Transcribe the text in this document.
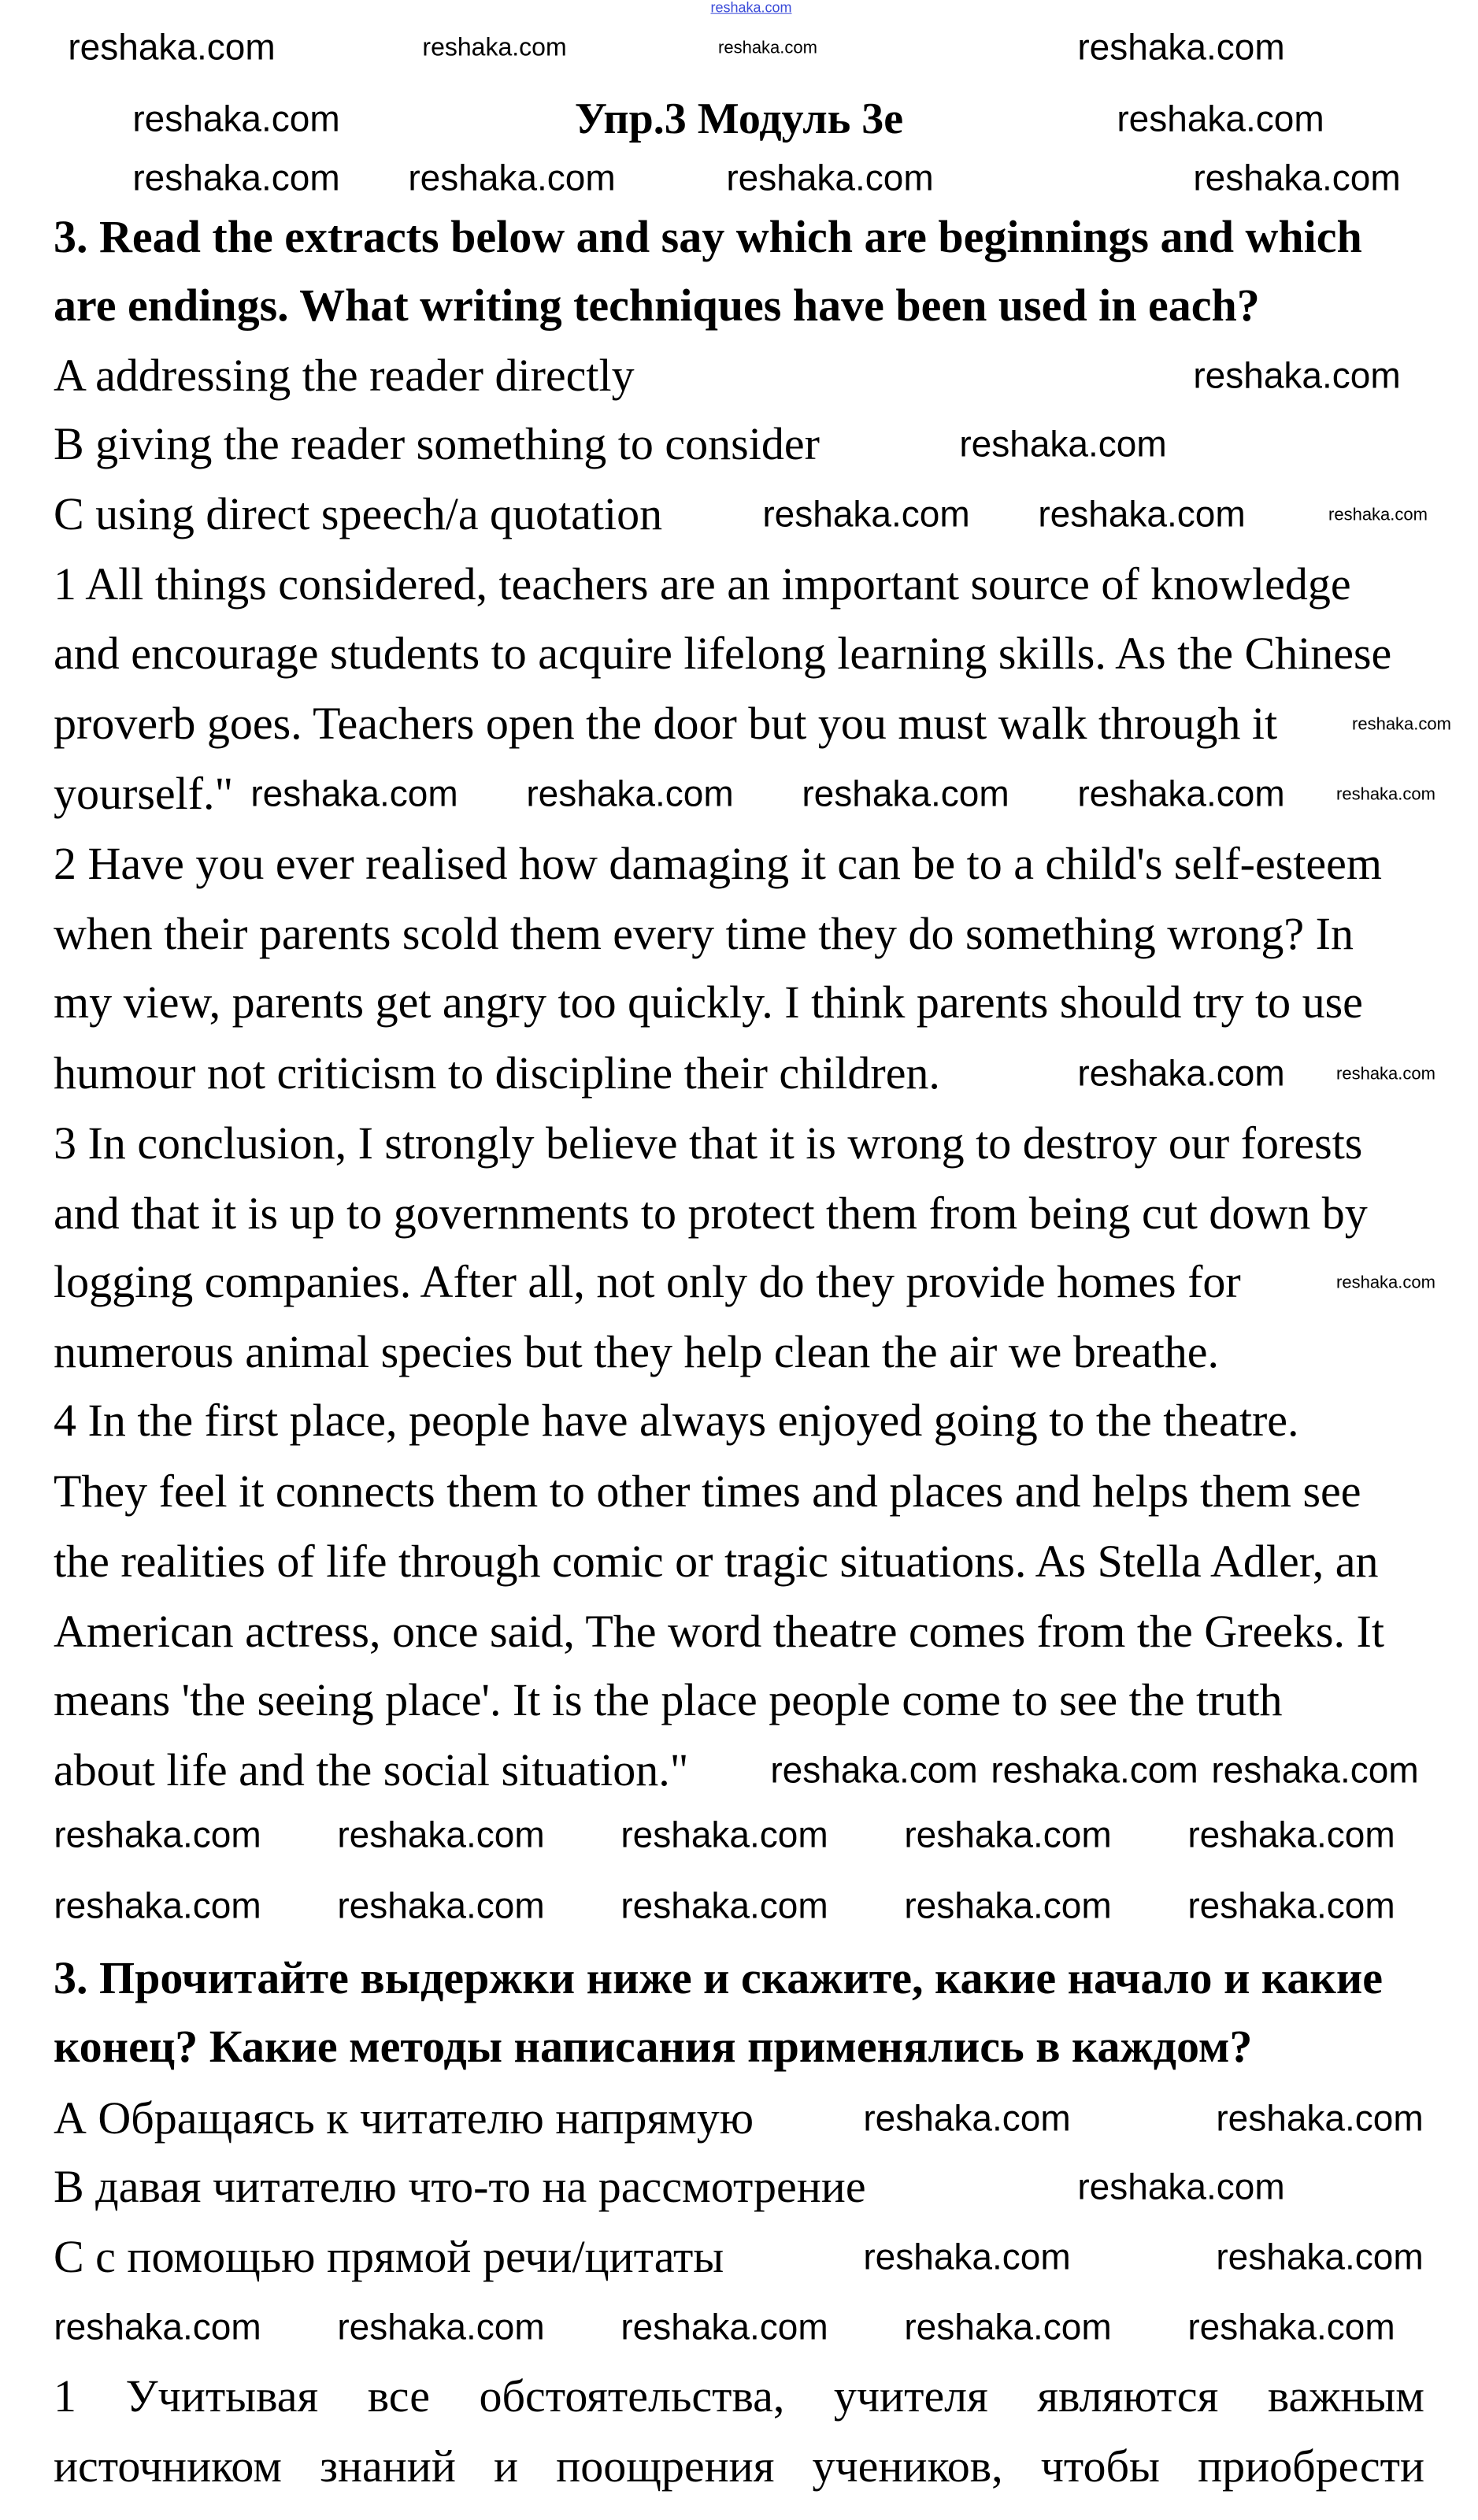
Упр.3 Модуль 3е
3. Read the extracts below and say which are beginnings and which
are endings. What writing techniques have been used in each?
A addressing the reader directly
B giving the reader something to consider
C using direct speech/a quotation
1 All things considered, teachers are an important source of knowledge
and encourage students to acquire lifelong learning skills. As the Chinese
proverb goes. Teachers open the door but you must walk through it
yourself."
2 Have you ever realised how damaging it can be to a child's self-esteem
when their parents scold them every time they do something wrong? In
my view, parents get angry too quickly. I think parents should try to use
humour not criticism to discipline their children.
3 In conclusion, I strongly believe that it is wrong to destroy our forests
and that it is up to governments to protect them from being cut down by
logging companies. After all, not only do they provide homes for
numerous animal species but they help clean the air we breathe.
4 In the first place, people have always enjoyed going to the theatre.
They feel it connects them to other times and places and helps them see
the realities of life through comic or tragic situations. As Stella Adler, an
American actress, once said, The word theatre comes from the Greeks. It
means 'the seeing place'. It is the place people come to see the truth
about life and the social situation."
3. Прочитайте выдержки ниже и скажите, какие начало и какие
конец? Какие методы написания применялись в каждом?
А Обращаясь к читателю напрямую
В давая читателю что-то на рассмотрение
С с помощью прямой речи/цитаты
1 Учитывая все обстоятельства, учителя являются важным
источником знаний и поощрения учеников, чтобы приобрести
reshaka.com
reshaka.com	reshaka.com	reshaka.com	reshaka.com
reshaka.com	reshaka.com
reshaka.com reshaka.com	reshaka.com	reshaka.com
reshaka.com
reshaka.com
reshaka.com reshaka.com	reshaka.com
reshaka.com
reshaka.com reshaka.com reshaka.com reshaka.com	reshaka.com
reshaka.com	reshaka.com
reshaka.com
reshaka.com reshaka.com reshaka.com
reshaka.com reshaka.com reshaka.com reshaka.com reshaka.com
reshaka.com reshaka.com reshaka.com reshaka.com reshaka.com
reshaka.com	reshaka.com
reshaka.com
reshaka.com	reshaka.com
reshaka.com reshaka.com reshaka.com reshaka.com reshaka.com
